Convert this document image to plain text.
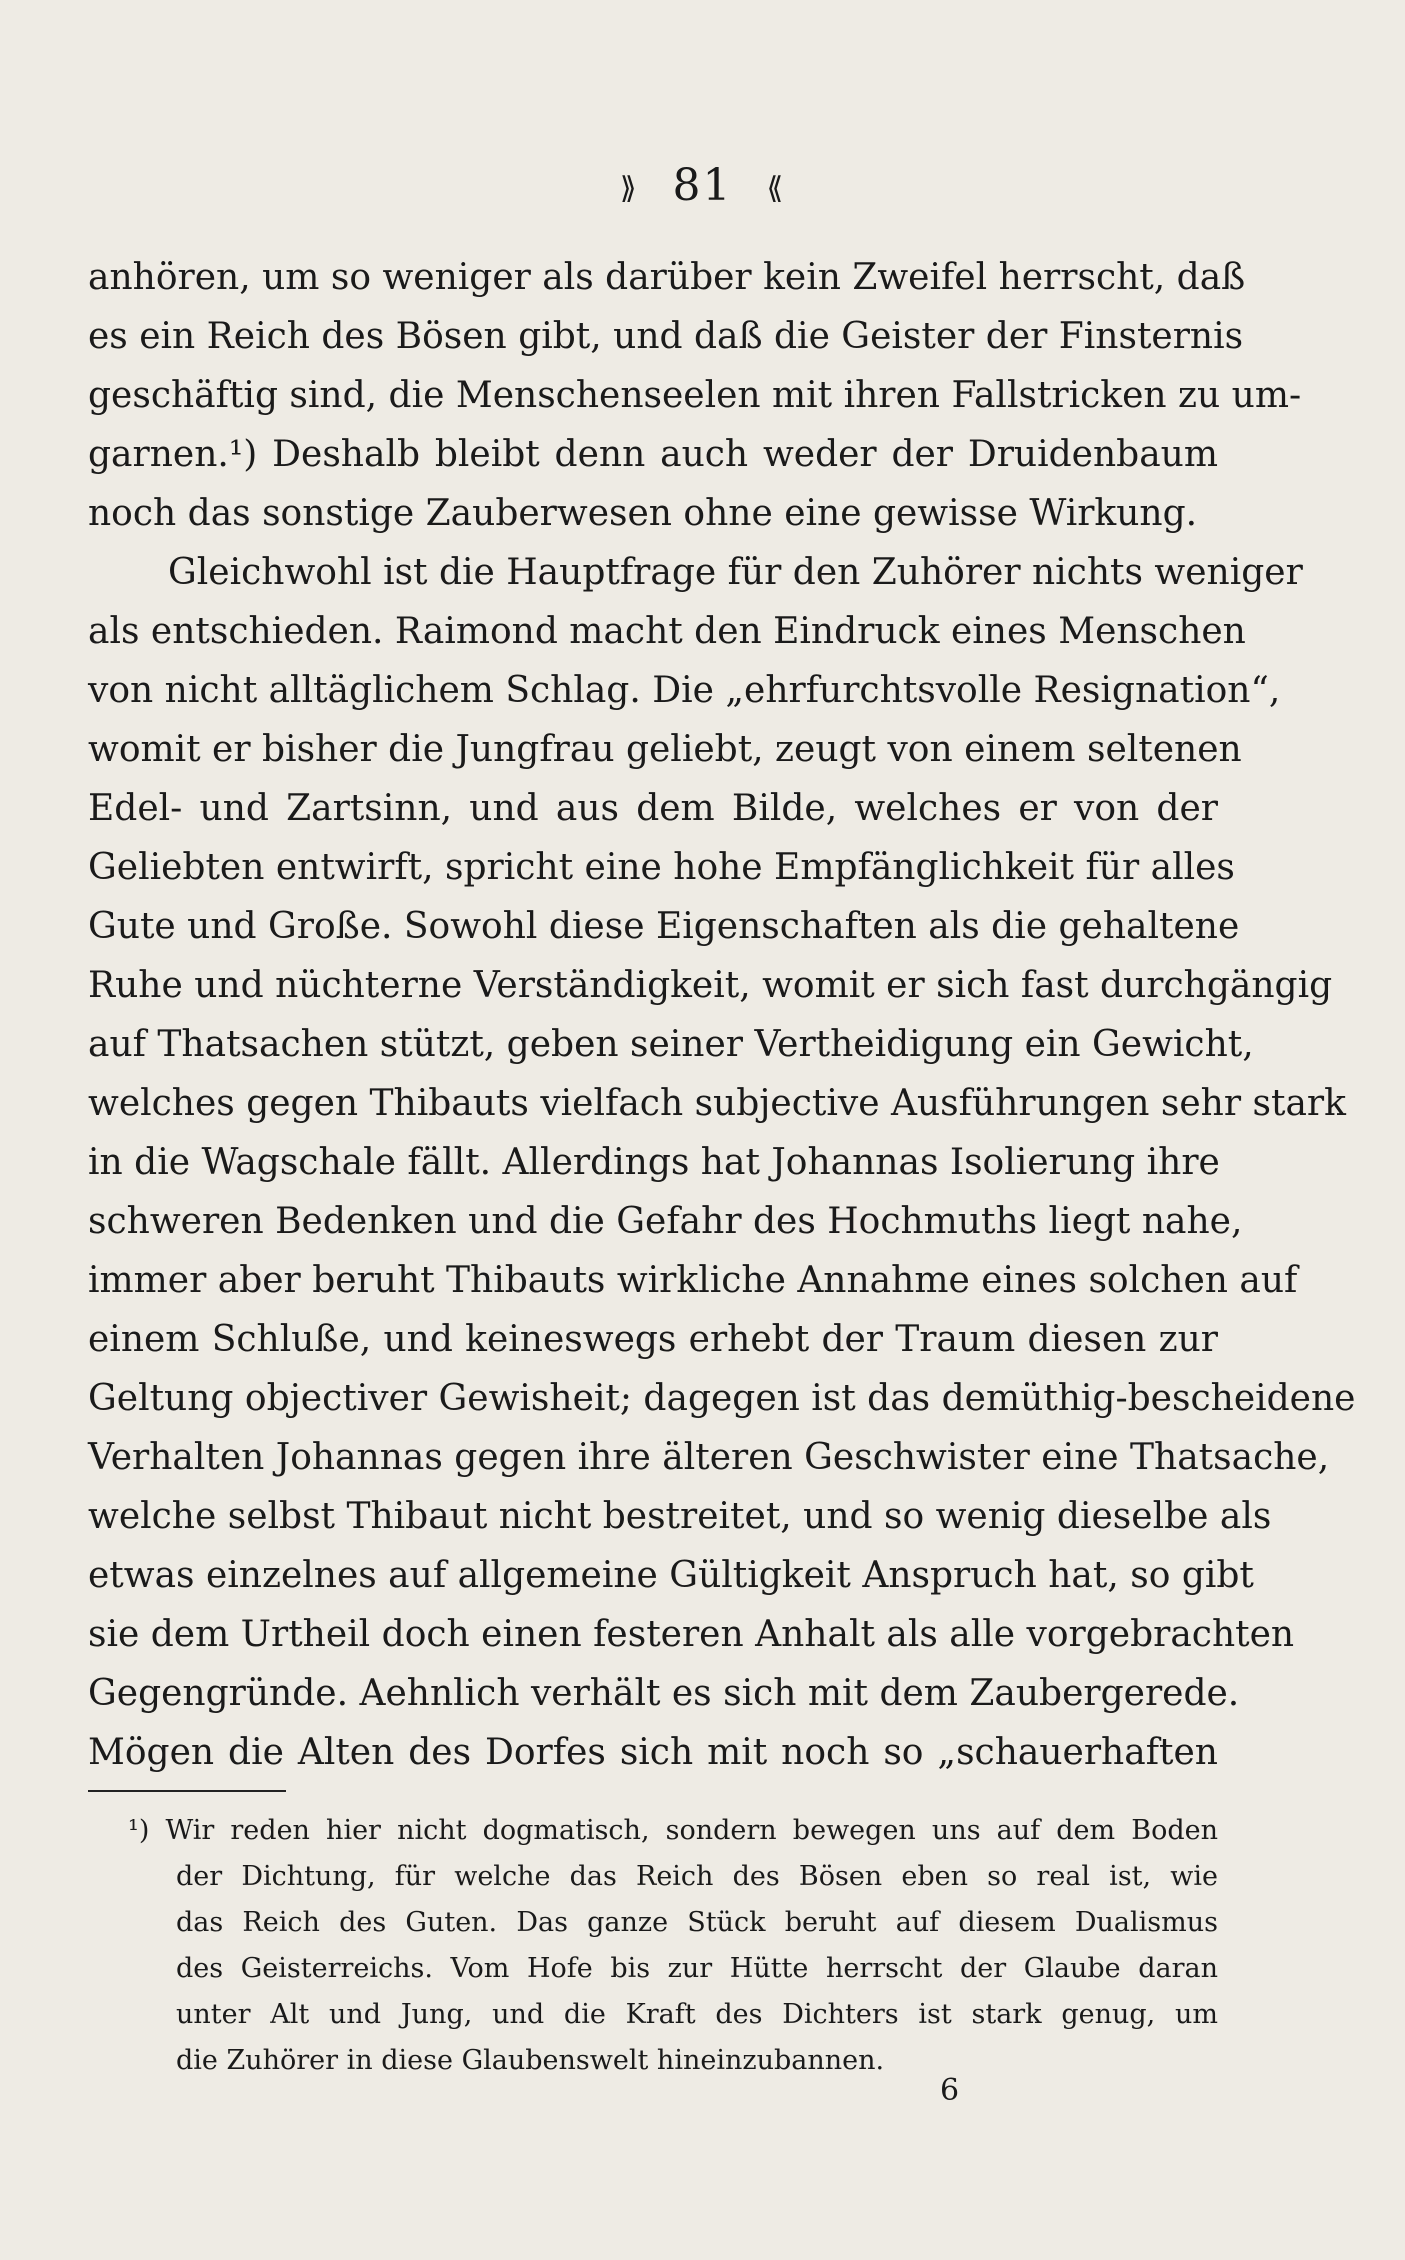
⟫ 81 ⟪
anhören, um so weniger als darüber kein Zweifel herrscht, daß
es ein Reich des Bösen gibt, und daß die Geister der Finsternis
geschäftig sind, die Menschenseelen mit ihren Fallstricken zu um-
garnen.¹) Deshalb bleibt denn auch weder der Druidenbaum
noch das sonstige Zauberwesen ohne eine gewisse Wirkung.
Gleichwohl ist die Hauptfrage für den Zuhörer nichts weniger
als entschieden. Raimond macht den Eindruck eines Menschen
von nicht alltäglichem Schlag. Die „ehrfurchtsvolle Resignation“,
womit er bisher die Jungfrau geliebt, zeugt von einem seltenen
Edel- und Zartsinn, und aus dem Bilde, welches er von der
Geliebten entwirft, spricht eine hohe Empfänglichkeit für alles
Gute und Große. Sowohl diese Eigenschaften als die gehaltene
Ruhe und nüchterne Verständigkeit, womit er sich fast durchgängig
auf Thatsachen stützt, geben seiner Vertheidigung ein Gewicht,
welches gegen Thibauts vielfach subjective Ausführungen sehr stark
in die Wagschale fällt. Allerdings hat Johannas Isolierung ihre
schweren Bedenken und die Gefahr des Hochmuths liegt nahe,
immer aber beruht Thibauts wirkliche Annahme eines solchen auf
einem Schluße, und keineswegs erhebt der Traum diesen zur
Geltung objectiver Gewisheit; dagegen ist das demüthig-bescheidene
Verhalten Johannas gegen ihre älteren Geschwister eine Thatsache,
welche selbst Thibaut nicht bestreitet, und so wenig dieselbe als
etwas einzelnes auf allgemeine Gültigkeit Anspruch hat, so gibt
sie dem Urtheil doch einen festeren Anhalt als alle vorgebrachten
Gegengründe. Aehnlich verhält es sich mit dem Zaubergerede.
Mögen die Alten des Dorfes sich mit noch so „schauerhaften
¹) Wir reden hier nicht dogmatisch, sondern bewegen uns auf dem Boden
der Dichtung, für welche das Reich des Bösen eben so real ist, wie
das Reich des Guten. Das ganze Stück beruht auf diesem Dualismus
des Geisterreichs. Vom Hofe bis zur Hütte herrscht der Glaube daran
unter Alt und Jung, und die Kraft des Dichters ist stark genug, um
die Zuhörer in diese Glaubenswelt hineinzubannen.
6
